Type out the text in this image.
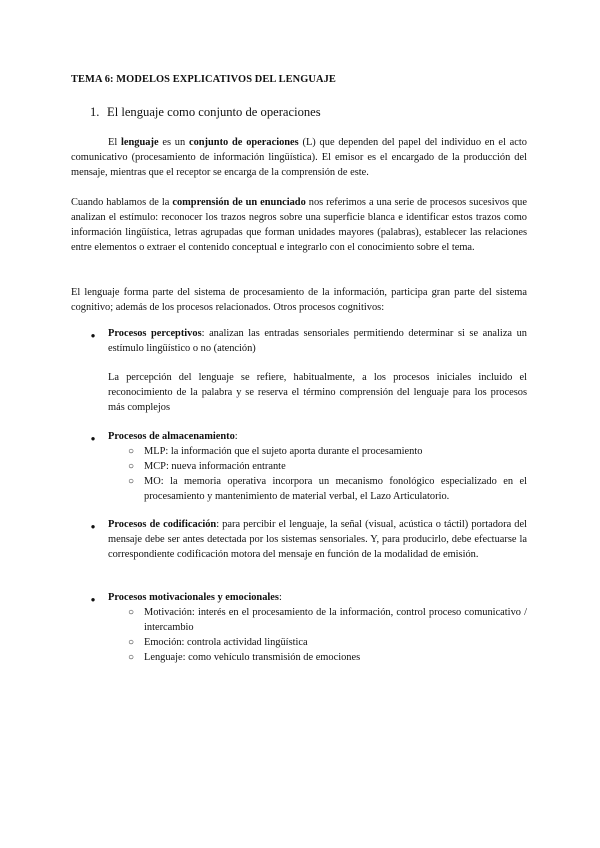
TEMA 6: MODELOS EXPLICATIVOS DEL LENGUAJE
1. El lenguaje como conjunto de operaciones
El lenguaje es un conjunto de operaciones (L) que dependen del papel del individuo en el acto comunicativo (procesamiento de información lingüística). El emisor es el encargado de la producción del mensaje, mientras que el receptor se encarga de la comprensión de este.
Cuando hablamos de la comprensión de un enunciado nos referimos a una serie de procesos sucesivos que analizan el estímulo: reconocer los trazos negros sobre una superficie blanca e identificar estos trazos como información lingüística, letras agrupadas que forman unidades mayores (palabras), establecer las relaciones entre elementos o extraer el contenido conceptual e integrarlo con el conocimiento sobre el tema.
El lenguaje forma parte del sistema de procesamiento de la información, participa gran parte del sistema cognitivo; además de los procesos relacionados. Otros procesos cognitivos:
●	Procesos perceptivos: analizan las entradas sensoriales permitiendo determinar si se analiza un estímulo lingüístico o no (atención)
La percepción del lenguaje se refiere, habitualmente, a los procesos iniciales incluido el reconocimiento de la palabra y se reserva el término comprensión del lenguaje para los procesos más complejos
●	Procesos de almacenamiento:
○ MLP: la información que el sujeto aporta durante el procesamiento
○ MCP: nueva información entrante
○ MO: la memoria operativa incorpora un mecanismo fonológico especializado en el procesamiento y mantenimiento de material verbal, el Lazo Articulatorio.
●	Procesos de codificación: para percibir el lenguaje, la señal (visual, acústica o táctil) portadora del mensaje debe ser antes detectada por los sistemas sensoriales. Y, para producirlo, debe efectuarse la correspondiente codificación motora del mensaje en función de la modalidad de emisión.
●	Procesos motivacionales y emocionales:
○ Motivación: interés en el procesamiento de la información, control proceso comunicativo / intercambio
○ Emoción: controla actividad lingüística
○ Lenguaje: como vehículo transmisión de emociones
